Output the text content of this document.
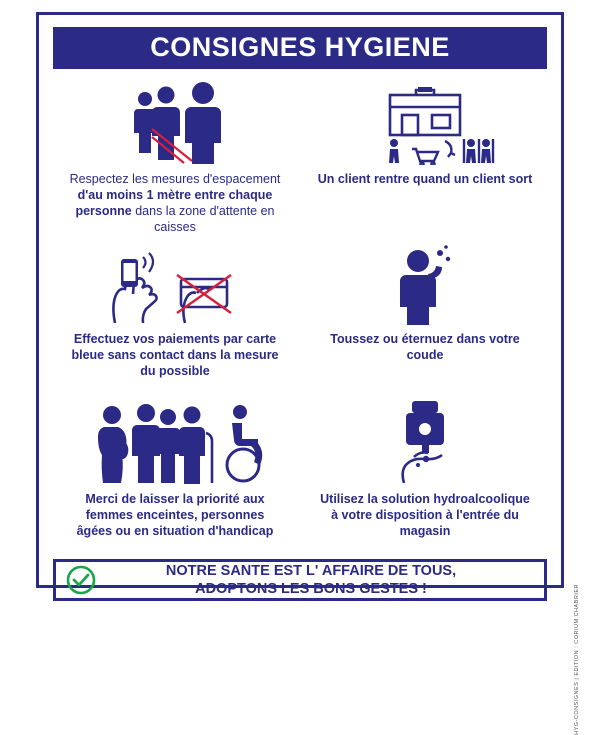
CONSIGNES HYGIENE
Respectez les mesures d'espacement d'au moins 1 mètre entre chaque personne dans la zone d'attente en caisses
Un client rentre quand un client sort
Effectuez vos paiements par carte bleue sans contact dans la mesure du possible
Toussez ou éternuez dans votre coude
Merci de laisser la priorité aux femmes enceintes, personnes âgées ou en situation d'handicap
Utilisez la solution hydroalcoolique à votre disposition à l'entrée du magasin
NOTRE SANTE EST L' AFFAIRE DE TOUS,
ADOPTONS LES BONS GESTES !	HYG-CONSIGNES | EDITION : CORIUM CHABRIER
